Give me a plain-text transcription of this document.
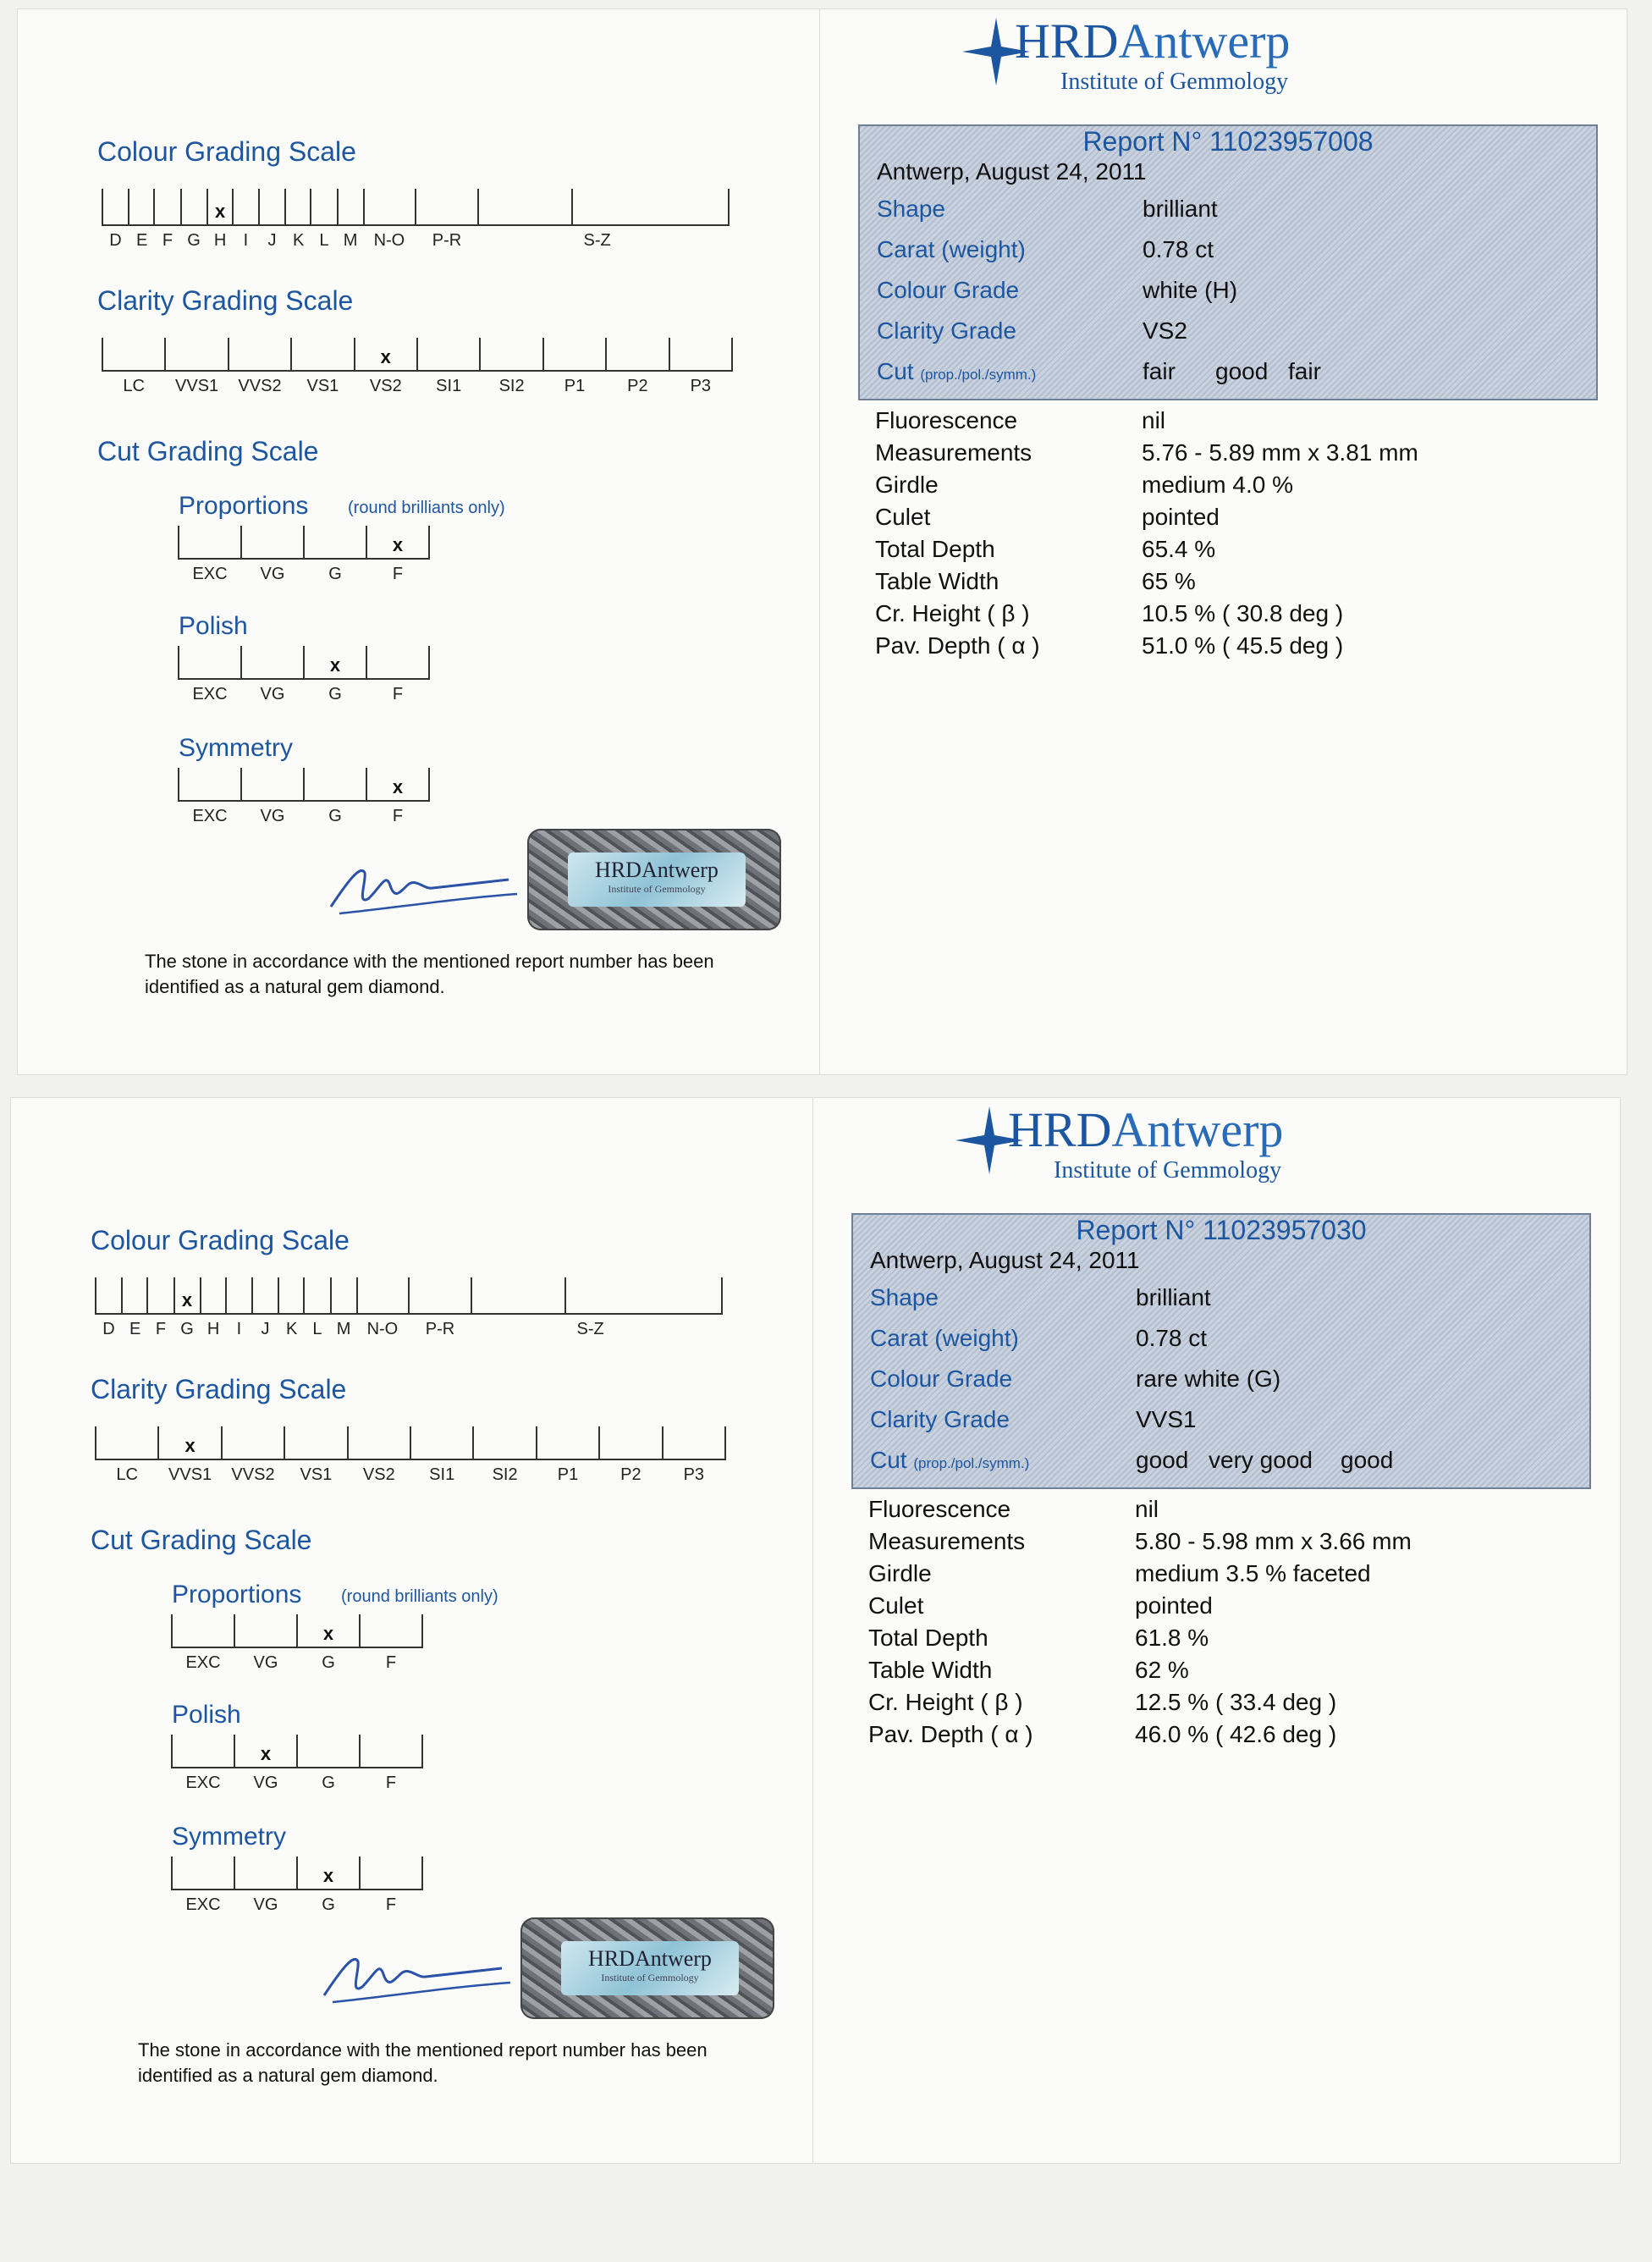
Colour Grading Scale
D E F G H I J K L M N-O P-R	S-Z
x
Clarity Grading Scale
LC VVS1 VVS2 VS1 VS2 SI1 SI2 P1 P2 P3
x
Cut Grading Scale
Proportions (round brilliants only)
EXC VG	G	F
x
Polish
EXC VG	G	F
x
Symmetry
EXC VG	G	F
x
HRDAntwerp
Institute of Gemmology
The stone in accordance with the mentioned report number has been identified as a natural gem diamond.
HRDAntwerp
Institute of Gemmology
Report N° 11023957008
Antwerp, August 24, 2011
Shape	brilliant
Carat (weight)	0.78 ct
Colour Grade	white (H)
Clarity Grade	VS2
Cut (prop./pol./symm.)	fair good fair
Fluorescence	nil
Measurements	5.76 - 5.89 mm x 3.81 mm
Girdle	medium 4.0 %
Culet	pointed
Total Depth	65.4 %
Table Width	65 %
Cr. Height ( β )	10.5 % ( 30.8 deg )
Pav. Depth ( α )	51.0 % ( 45.5 deg )
Colour Grading Scale
D E F G H I J K L M N-O P-R	S-Z
x
Clarity Grading Scale
LC VVS1 VVS2 VS1 VS2 SI1 SI2 P1 P2 P3
x
Cut Grading Scale
Proportions (round brilliants only)
EXC VG	G	F
x
Polish
EXC VG	G	F
x
Symmetry
EXC VG	G	F
x
HRDAntwerp
Institute of Gemmology
The stone in accordance with the mentioned report number has been identified as a natural gem diamond.
HRDAntwerp
Institute of Gemmology
Report N° 11023957030
Antwerp, August 24, 2011
Shape	brilliant
Carat (weight)	0.78 ct
Colour Grade	rare white (G)
Clarity Grade	VVS1
Cut (prop./pol./symm.)	good very good good
Fluorescence	nil
Measurements	5.80 - 5.98 mm x 3.66 mm
Girdle	medium 3.5 % faceted
Culet	pointed
Total Depth	61.8 %
Table Width	62 %
Cr. Height ( β )	12.5 % ( 33.4 deg )
Pav. Depth ( α )	46.0 % ( 42.6 deg )
